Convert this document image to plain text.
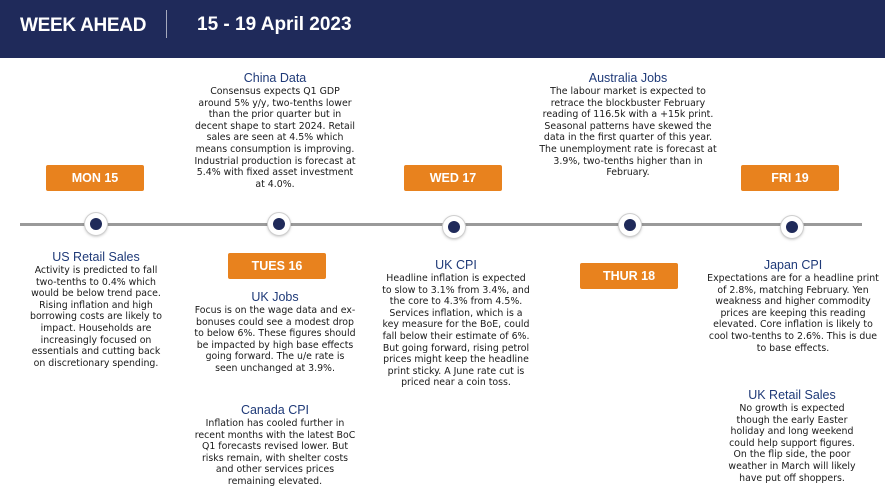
WEEK AHEAD	15 - 19 April 2023
MON 15
TUES 16
WED 17
THUR 18
FRI 19
US Retail Sales

Activity is predicted to fall two-tenths to 0.4% which would be below trend pace. Rising inflation and high borrowing costs are likely to impact. Households are increasingly focused on essentials and cutting back on discretionary spending.

China Data

Consensus expects Q1 GDP around 5% y/y, two-tenths lower than the prior quarter but in decent shape to start 2024. Retail sales are seen at 4.5% which means consumption is improving. Industrial production is forecast at 5.4% with fixed asset investment at 4.0%.

UK Jobs

Focus is on the wage data and ex-bonuses could see a modest drop to below 6%. These figures should be impacted by high base effects going forward. The u/e rate is seen unchanged at 3.9%.

Canada CPI

Inflation has cooled further in recent months with the latest BoC Q1 forecasts revised lower. But risks remain, with shelter costs and other services prices remaining elevated.

UK CPI

Headline inflation is expected to slow to 3.1% from 3.4%, and the core to 4.3% from 4.5%. Services inflation, which is a key measure for the BoE, could fall below their estimate of 6%. But going forward, rising petrol prices might keep the headline print sticky. A June rate cut is priced near a coin toss.

Australia Jobs

The labour market is expected to retrace the blockbuster February reading of 116.5k with a +15k print. Seasonal patterns have skewed the data in the first quarter of this year. The unemployment rate is forecast at 3.9%, two-tenths higher than in February.

Japan CPI

Expectations are for a headline print of 2.8%, matching February. Yen weakness and higher commodity prices are keeping this reading elevated. Core inflation is likely to cool two-tenths to 2.6%. This is due to base effects.

UK Retail Sales

No growth is expected though the early Easter holiday and long weekend could help support figures. On the flip side, the poor weather in March will likely have put off shoppers.
